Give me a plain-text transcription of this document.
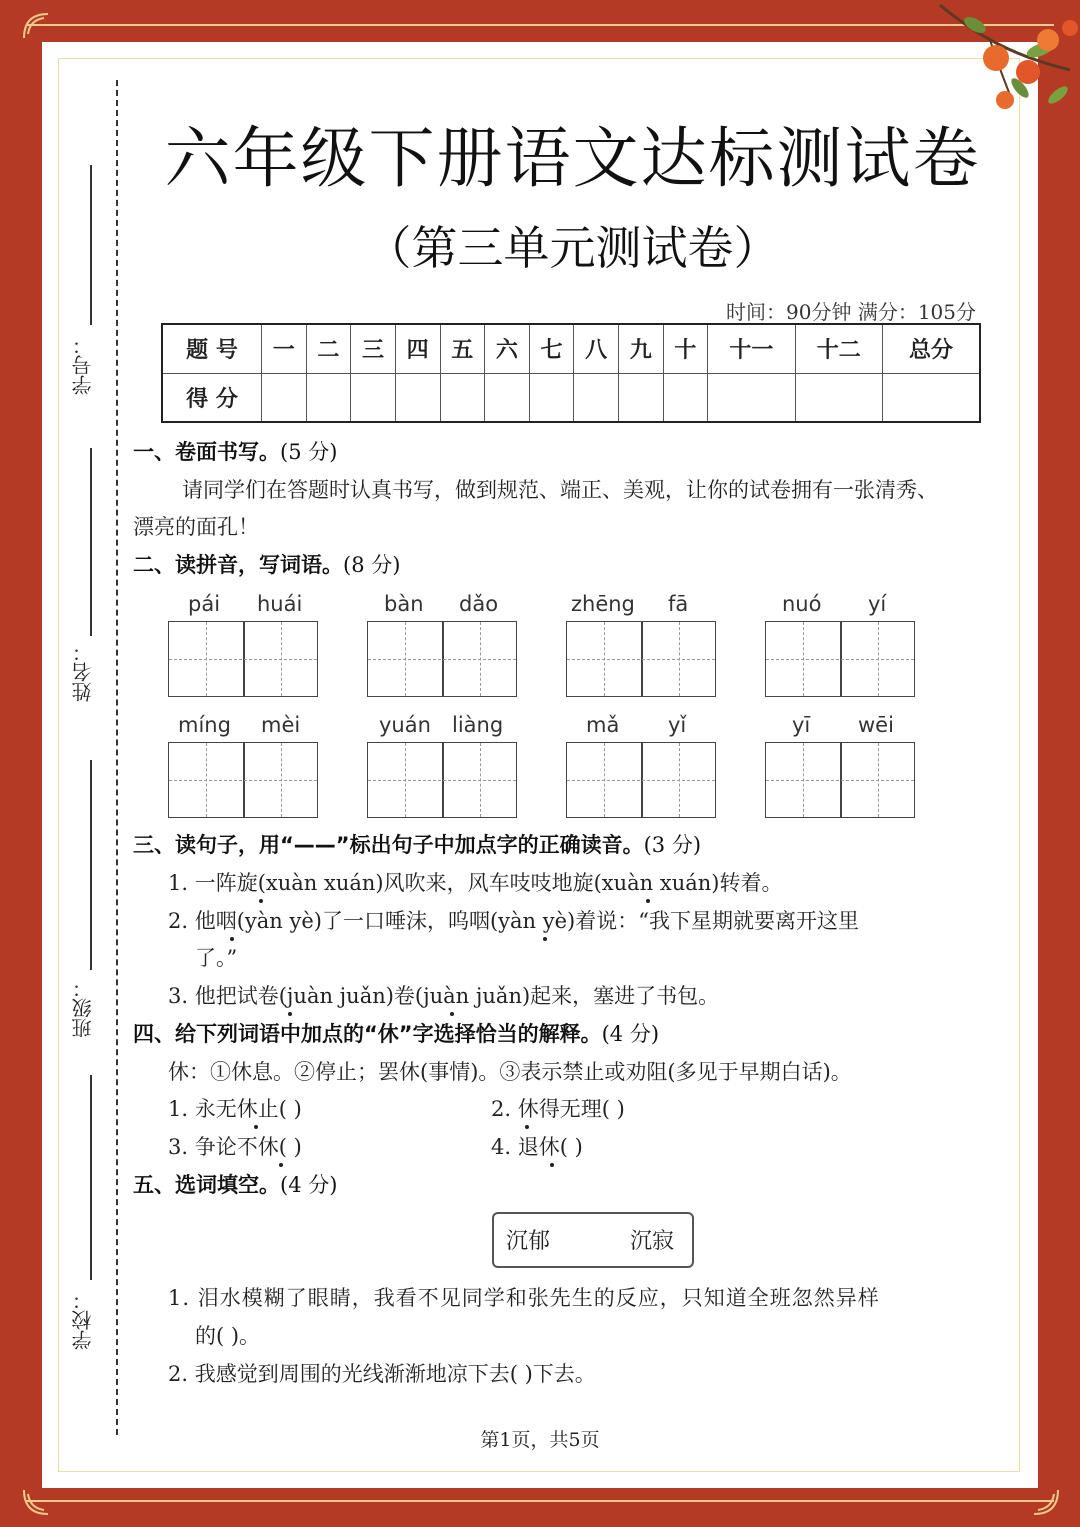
学号：
姓名：
班级：
学校：
六年级下册语文达标测试卷
（第三单元测试卷）
时间：90分钟 满分：105分
题 号	一	二	三	四	五	六	七	八	九	十	十一	十二	总分
得 分													
一、卷面书写。(5 分)
请同学们在答题时认真书写，做到规范、端正、美观，让你的试卷拥有一张清秀、
漂亮的面孔！
二、读拼音，写词语。(8 分)
pái huái	bàn dǎo	zhēng fā	nuó yí
míng mèi	yuán liàng	mǎ yǐ	yī wēi
三、读句子，用“——”标出句子中加点字的正确读音。(3 分)
1. 一阵旋(xuàn xuán)风吹来，风车吱吱地旋(xuàn xuán)转着。
2. 他咽(yàn yè)了一口唾沫，呜咽(yàn yè)着说：“我下星期就要离开这里
了。”
3. 他把试卷(juàn juǎn)卷(juàn juǎn)起来，塞进了书包。
四、给下列词语中加点的“休”字选择恰当的解释。(4 分)
休：①休息。②停止；罢休(事情)。③表示禁止或劝阻(多见于早期白话)。
1. 永无休止( )	2. 休得无理( )
3. 争论不休( )	4. 退休( )
五、选词填空。(4 分)
沉郁	沉寂
1. 泪水模糊了眼睛，我看不见同学和张先生的反应，只知道全班忽然异样
的( )。
2. 我感觉到周围的光线渐渐地凉下去( )下去。
第1页，共5页
